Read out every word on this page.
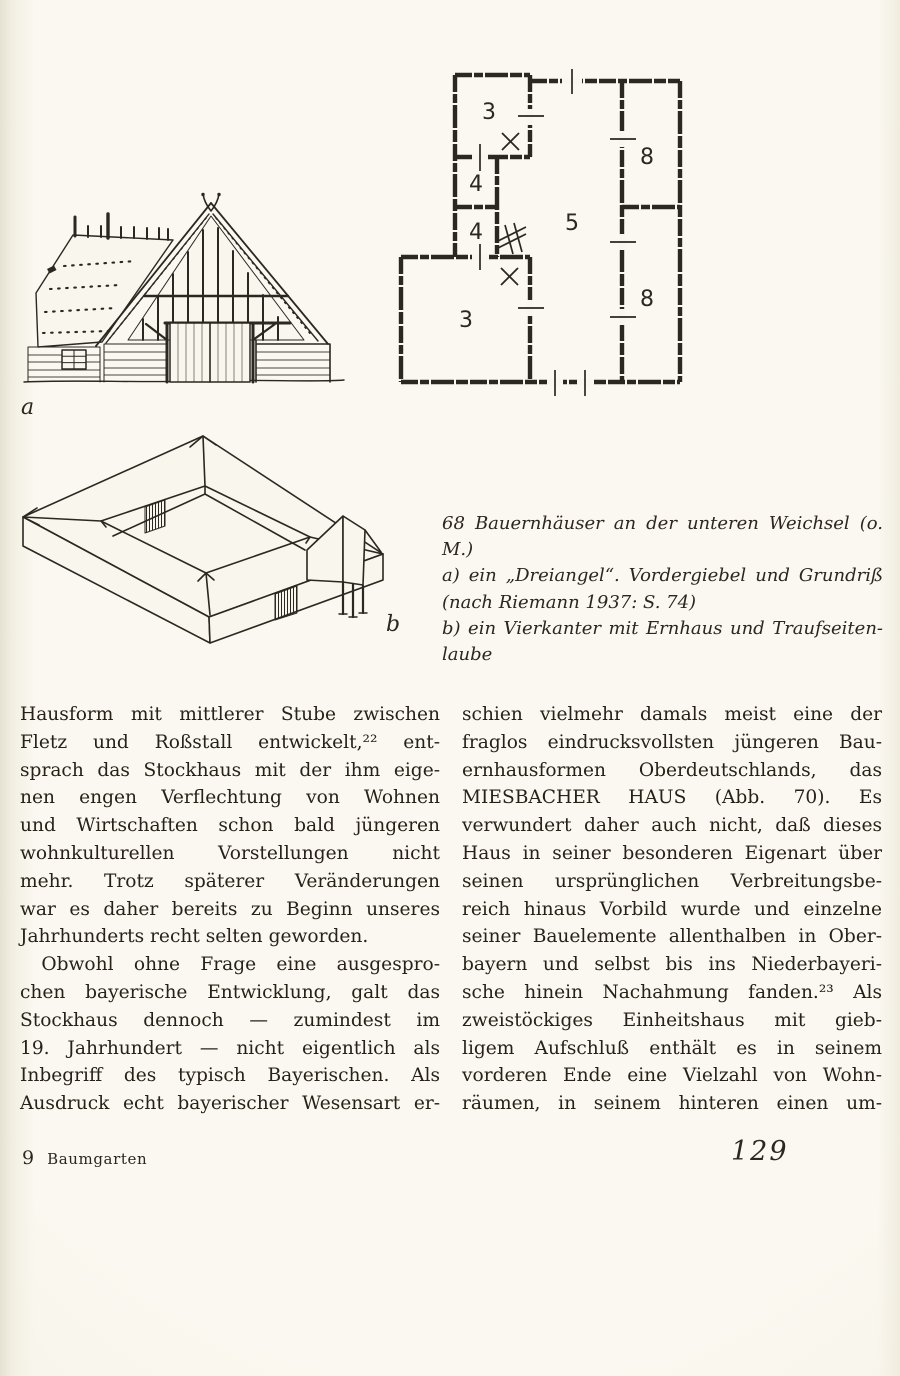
a
3
4
4
3
5
8
8
b
68 Bauernhäuser an der unteren Weichsel (o. M.)
a) ein „Dreiangel“. Vordergiebel und Grundriß
(nach Riemann 1937: S. 74)
b) ein Vierkanter mit Ernhaus und Traufseiten-
laube
Hausform mit mittlerer Stube zwischen
Fletz und Roßstall entwickelt,²² ent-
sprach das Stockhaus mit der ihm eige-
nen engen Verflechtung von Wohnen
und Wirtschaften schon bald jüngeren
wohnkulturellen Vorstellungen nicht
mehr. Trotz späterer Veränderungen
war es daher bereits zu Beginn unseres
Jahrhunderts recht selten geworden.
Obwohl ohne Frage eine ausgespro-
chen bayerische Entwicklung, galt das
Stockhaus dennoch — zumindest im
19. Jahrhundert — nicht eigentlich als
Inbegriff des typisch Bayerischen. Als
Ausdruck echt bayerischer Wesensart er-
schien vielmehr damals meist eine der
fraglos eindrucksvollsten jüngeren Bau-
ernhausformen Oberdeutschlands, das
MIESBACHER HAUS (Abb. 70). Es
verwundert daher auch nicht, daß dieses
Haus in seiner besonderen Eigenart über
seinen ursprünglichen Verbreitungsbe-
reich hinaus Vorbild wurde und einzelne
seiner Bauelemente allenthalben in Ober-
bayern und selbst bis ins Niederbayeri-
sche hinein Nachahmung fanden.²³ Als
zweistöckiges Einheitshaus mit gieb-
ligem Aufschluß enthält es in seinem
vorderen Ende eine Vielzahl von Wohn-
räumen, in seinem hinteren einen um-
9 Baumgarten	129
